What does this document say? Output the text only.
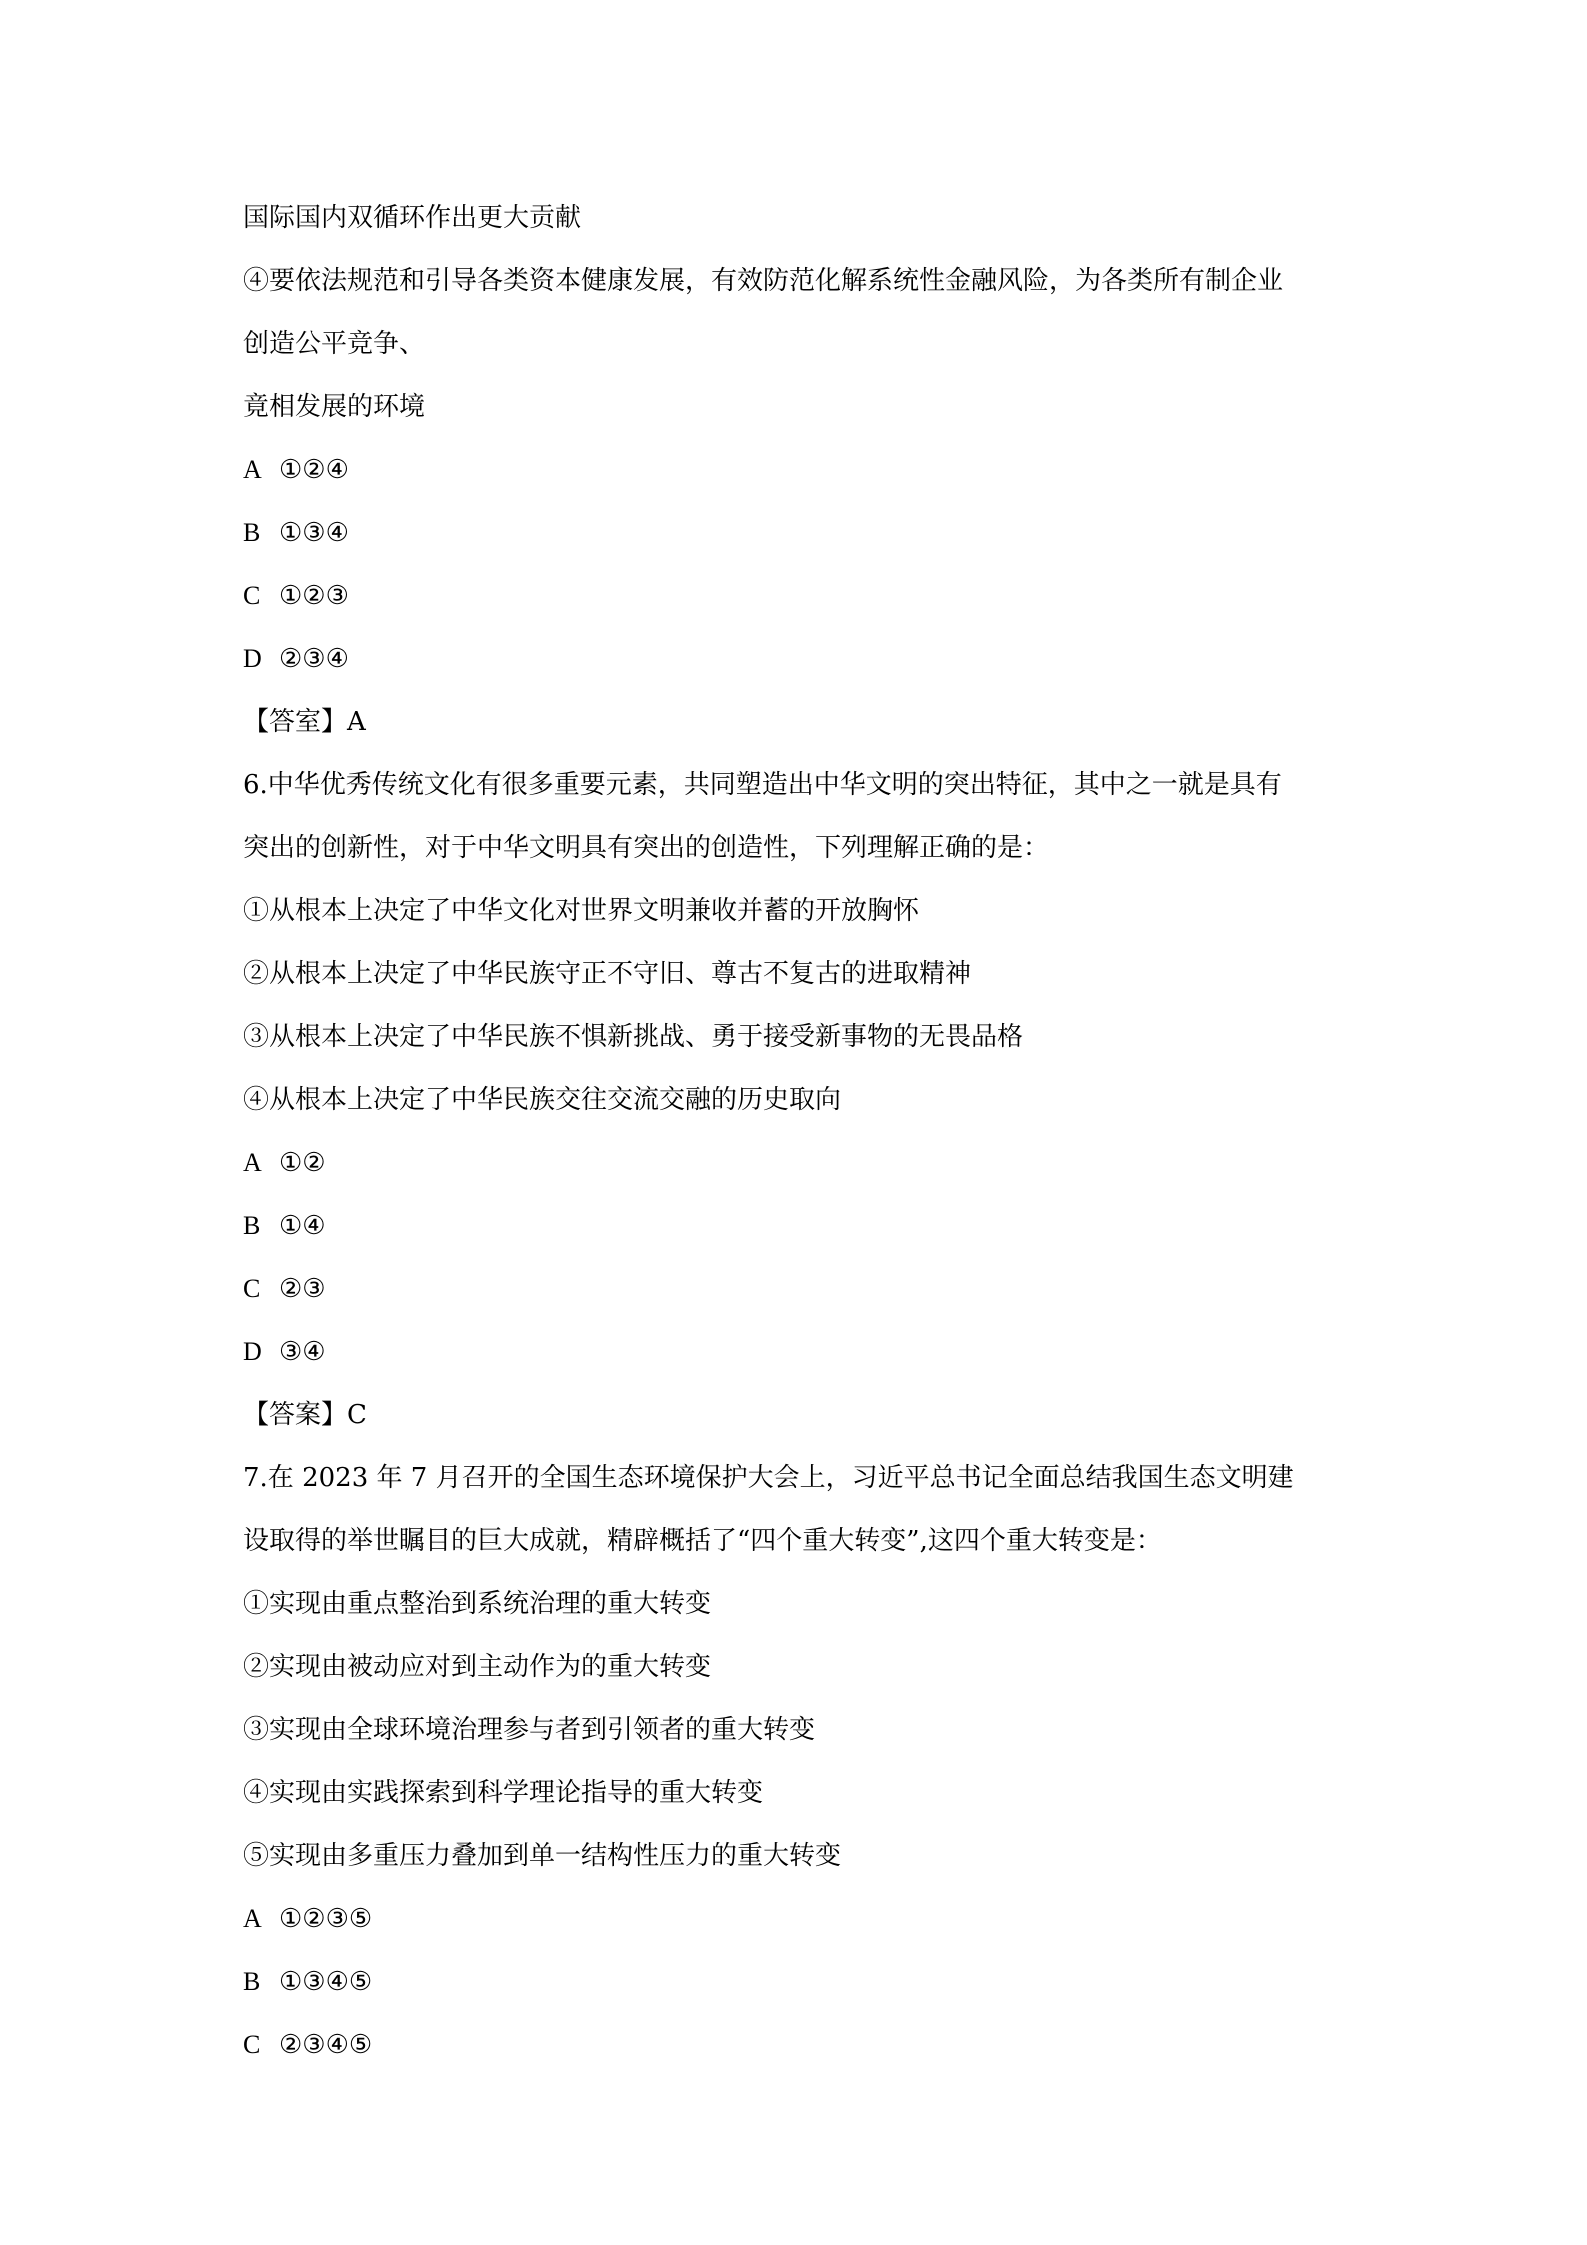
国际国内双循环作出更大贡献
④要依法规范和引导各类资本健康发展，有效防范化解系统性金融风险，为各类所有制企业
创造公平竞争、
竟相发展的环境
A ①②④
B ①③④
C ①②③
D ②③④
【答室】A
6.中华优秀传统文化有很多重要元素，共同塑造出中华文明的突出特征，其中之一就是具有
突出的创新性，对于中华文明具有突出的创造性，下列理解正确的是：
①从根本上决定了中华文化对世界文明兼收并蓄的开放胸怀
②从根本上决定了中华民族守正不守旧、尊古不复古的进取精神
③从根本上决定了中华民族不惧新挑战、勇于接受新事物的无畏品格
④从根本上决定了中华民族交往交流交融的历史取向
A ①②
B ①④
C ②③
D ③④
【答案】C
7.在 2023 年 7 月召开的全国生态环境保护大会上，习近平总书记全面总结我国生态文明建
设取得的举世瞩目的巨大成就，精辟概括了“四个重大转变”,这四个重大转变是：
①实现由重点整治到系统治理的重大转变
②实现由被动应对到主动作为的重大转变
③实现由全球环境治理参与者到引领者的重大转变
④实现由实践探索到科学理论指导的重大转变
⑤实现由多重压力叠加到单一结构性压力的重大转变
A ①②③⑤
B ①③④⑤
C ②③④⑤
